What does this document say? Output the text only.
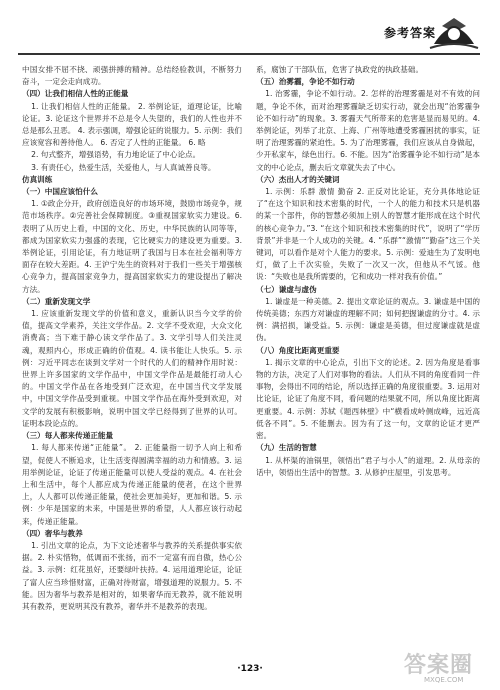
参考答案

中国女排不屈不挠、顽强拼搏的精神。总结经验教训，不断努力奋斗，一定会走向成功。

（四）让我们相信人性的正能量

1. 让我们相信人性的正能量。 2. 举例论证，道理论证，比喻论证。3. 论证这个世界并不总是令人失望的，我们的人性也并不总是那么丑恶。 4. 表示强调，增强论证的说服力。5. 示例：我们应该宽容和善待他人。 6. 否定了人性的正能量。 6. 略

2. 句式整齐，增强语势，有力地论证了中心论点。

3. 有责任心，热爱生活，关爱他人，与人真诚善良等。

仿真训练

（一）中国应该怕什么

1. ①政企分开，政府创造良好的市场环境，鼓励市场竞争，规范市场秩序。②完善社会保障制度。③重视国家软实力建设。6. 表明了从历史上看，中国的文化、历史，中华民族的认同等等，都成为国家软实力强盛的表现，它比硬实力的建设更为重要。3. 举例论证，引用论证，有力地证明了我国与日本在社会福利等方面存在较大差距。4. 王沪宁先生的资料对于我们一些关于增强核心竞争力，提高国家竞争力，提高国家软实力的建设提出了解决方法。

（二）重新发现文学

1. 应该重新发现文学的价值和意义，重新认识当今文学的价值，提高文学素养，关注文学作品。2. 文学不受欢迎，大众文化消费高；当下难于静心读文学作品了。3. 文学引导人们关注灵魂，观照内心，形成正确的价值观。4. 读书能让人快乐。5. 示例：习近平同志在谈到文学对一个时代的人们的精神作用时说：世界上许多国家的文学作品中，中国文学作品是最能打动人心的。中国文学作品在各地受到广泛欢迎，在中国当代文学发展中，中国文学作品受到重视。中国文学作品在海外受到欢迎，对文学的发展有积极影响，说明中国文学已经得到了世界的认可。证明本段论点的。

（三）每人都来传递正能量

1. 每人都来传递“正能量”。 2. 正能量指一切予人向上和希望，促使人不断追求，让生活变得圆满幸福的动力和情感。3. 运用举例论证，论证了传递正能量可以使人受益的观点。4. 在社会上和生活中，每个人都应成为传递正能量的使者，在这个世界上，人人都可以传递正能量，使社会更加美好，更加和谐。5. 示例：少年是国家的未来，中国是世界的希望，人人都应该行动起来，传递正能量。

（四）奢华与教养

1. 引出文章的论点，为下文论述奢华与教养的关系提供事实依据。2. 朴实惜物，低调而不张扬，而不一定富有而自傲，热心公益。3. 示例：红花虽好，还要绿叶扶持。4. 运用道理论证，论证了富人应当珍惜财富，正确对待财富，增强道理的说服力。5. 不能。因为奢华与教养是相对的，如果奢华而无教养，就不能说明其有教养，更说明其没有教养，奢华并不是教养的表现。

系，腐蚀了干部队伍，危害了执政党的执政基础。

（五）治雾霾，争论不如行动

1. 治雾霾，争论不如行动。2. 怎样的治理雾霾是对不有效的问题，争论不休，而对治理雾霾缺乏切实行动，就会出现“治雾霾争论不如行动”的现象。3. 雾霾天气所带来的危害是显而易见的。4. 举例论证，列举了北京、上海、广州等地遭受雾霾困扰的事实，证明了治理雾霾的紧迫性。5. 为了治理雾霾，我们应该从自身做起，少开私家车，绿色出行。6. 不能。因为“治雾霾争论不如行动”是本文的中心论点，删去后文章就失去了中心。

（六）杰出人才的关键词

1. 示例：乐群 激情 勤奋 2. 正反对比论证，充分具体地论证了“在这个知识和技术密集的时代，一个人的能力和技术只是机器的某一个部件，你的智慧必须加上别人的智慧才能形成在这个时代的核心竞争力。”3. “在这个知识和技术密集的时代”，说明了“学历背景”并非是一个人成功的关键。4. “乐群”“激情”“勤奋”这三个关键词，可以看作是对个人能力的要求。5. 示例：爱迪生为了发明电灯，做了上千次实验，失败了一次又一次，但他从不气馁。他说：“失败也是我所需要的，它和成功一样对我有价值。”

（七）谦虚与虚伪

1. 谦虚是一种美德。2. 提出文章论证的观点。3. 谦虚是中国的传统美德；东西方对谦虚的理解不同；如何把握谦虚的分寸。4. 示例：满招损，谦受益。5. 示例：谦虚是美德，但过度谦虚就是虚伪。

（八）角度比距离更重要

1. 揭示文章的中心论点，引出下文的论述。2. 因为角度是看事物的方法，决定了人们对事物的看法。人们从不同的角度看同一件事物，会得出不同的结论，所以选择正确的角度很重要。3. 运用对比论证，论证了角度不同，看问题的结果就不同，所以角度比距离更重要。4. 示例：苏轼《题西林壁》中“横看成岭侧成峰，远近高低各不同”。5. 不能删去。因为有了这一句，文章的论证才更严密。

（九）生活的智慧

1. 从杯渠的油锅里，领悟出“君子与小人”的道理。2. 从母亲的话中，领悟出生活中的智慧。3. 从修护庄屋里，引发思考。

·123·	答案圈
MXQE.COM
